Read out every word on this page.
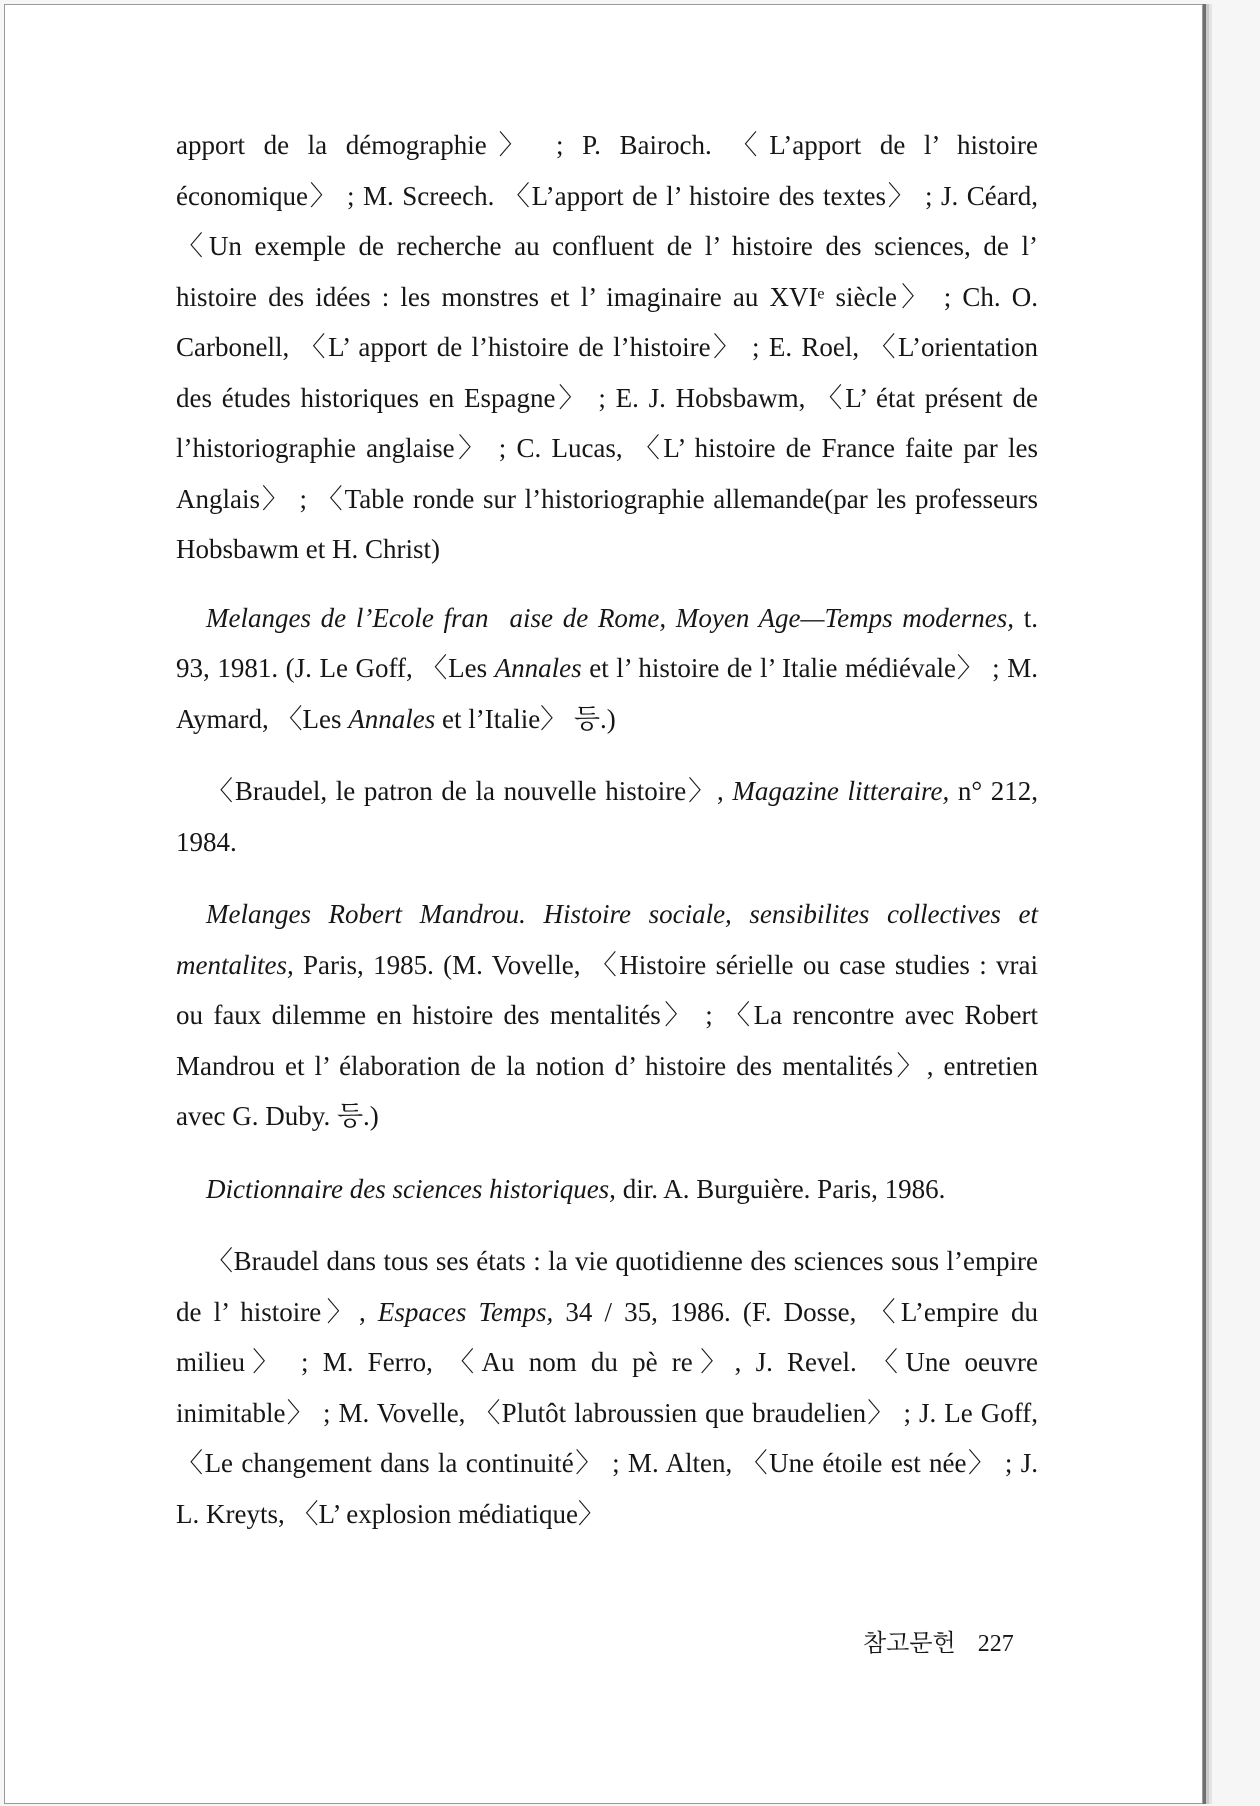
apport de la démographie〉 ; P. Bairoch. 〈L’apport de l’ histoire économique〉 ; M. Screech. 〈L’apport de l’ histoire des textes〉 ; J. Céard, 〈Un exemple de recherche au confluent de l’ histoire des sciences, de l’ histoire des idées : les monstres et l’ imaginaire au XVIᵉ siècle〉 ; Ch. O. Carbonell, 〈L’ apport de l’histoire de l’histoire〉 ; E. Roel, 〈L’orientation des études historiques en Espagne〉 ; E. J. Hobsbawm, 〈L’ état présent de l’historiographie anglaise〉 ; C. Lucas, 〈L’ histoire de France faite par les Anglais〉 ; 〈Table ronde sur l’historiographie allemande(par les professeurs Hobsbawm et H. Christ)

Melanges de l’Ecole fran aise de Rome, Moyen Age—Temps modernes, t. 93, 1981. (J. Le Goff, 〈Les Annales et l’ histoire de l’ Italie médiévale〉 ; M. Aymard, 〈Les Annales et l’Italie〉 등.)

〈Braudel, le patron de la nouvelle histoire〉, Magazine litteraire, n° 212, 1984.

Melanges Robert Mandrou. Histoire sociale, sensibilites collectives et mentalites, Paris, 1985. (M. Vovelle, 〈Histoire sérielle ou case studies : vrai ou faux dilemme en histoire des mentalités〉 ; 〈La rencontre avec Robert Mandrou et l’ élaboration de la notion d’ histoire des mentalités〉, entretien avec G. Duby. 등.)

Dictionnaire des sciences historiques, dir. A. Burguière. Paris, 1986.

〈Braudel dans tous ses états : la vie quotidienne des sciences sous l’empire de l’ histoire〉, Espaces Temps, 34 / 35, 1986. (F. Dosse, 〈L’empire du milieu〉 ; M. Ferro, 〈Au nom du pè re〉, J. Revel. 〈Une oeuvre inimitable〉 ; M. Vovelle, 〈Plutôt labroussien que braudelien〉 ; J. Le Goff, 〈Le changement dans la continuité〉 ; M. Alten, 〈Une étoile est née〉 ; J. L. Kreyts, 〈L’ explosion médiatique〉

참고문헌 227
